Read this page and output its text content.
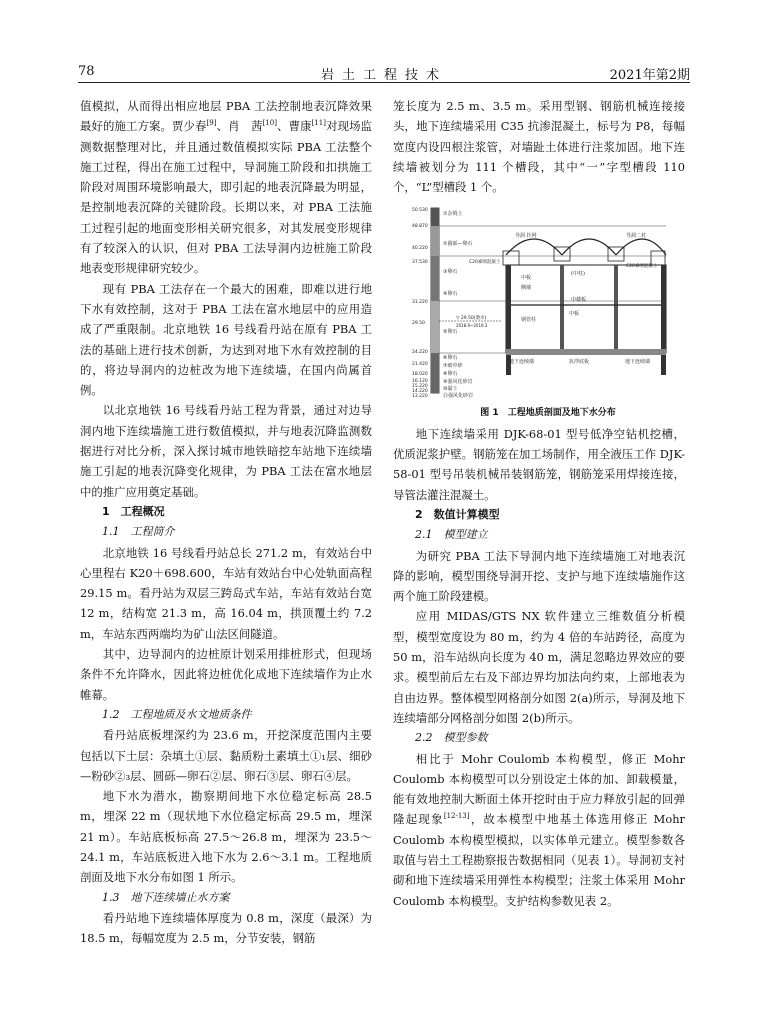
78	岩土工程技术	2021年第2期

值模拟，从而得出相应地层 PBA 工法控制地表沉降效果最好的施工方案。贾少春[9]、肖　茜[10]、曹康[11]对现场监测数据整理对比，并且通过数值模拟实际 PBA 工法整个施工过程，得出在施工过程中，导洞施工阶段和扣拱施工阶段对周围环境影响最大，即引起的地表沉降最为明显，是控制地表沉降的关键阶段。长期以来，对 PBA 工法施工过程引起的地面变形相关研究很多，对其发展变形规律有了较深入的认识，但对 PBA 工法导洞内边桩施工阶段地表变形规律研究较少。

现有 PBA 工法存在一个最大的困难，即难以进行地下水有效控制，这对于 PBA 工法在富水地层中的应用造成了严重限制。北京地铁 16 号线看丹站在原有 PBA 工法的基础上进行技术创新，为达到对地下水有效控制的目的，将边导洞内的边桩改为地下连续墙，在国内尚属首例。

以北京地铁 16 号线看丹站工程为背景，通过对边导洞内地下连续墙施工进行数值模拟，并与地表沉降监测数据进行对比分析，深入探讨城市地铁暗挖车站地下连续墙施工引起的地表沉降变化规律，为 PBA 工法在富水地层中的推广应用奠定基础。

1　工程概况

1.1　工程简介

北京地铁 16 号线看丹站总长 271.2 m，有效站台中心里程右 K20＋698.600，车站有效站台中心处轨面高程 29.15 m。看丹站为双层三跨岛式车站，车站有效站台宽 12 m，结构宽 21.3 m，高 16.04 m，拱顶覆土约 7.2 m，车站东西两端均为矿山法区间隧道。

其中，边导洞内的边桩原计划采用排桩形式，但现场条件不允许降水，因此将边桩优化成地下连续墙作为止水帷幕。

1.2　工程地质及水文地质条件

看丹站底板埋深约为 23.6 m，开挖深度范围内主要包括以下土层：杂填土①层、黏质粉土素填土①₁层、细砂—粉砂②₃层、圆砾—卵石②层、卵石③层、卵石④层。

地下水为潜水，勘察期间地下水位稳定标高 28.5 m，埋深 22 m（现状地下水位稳定标高 29.5 m，埋深 21 m）。车站底板标高 27.5～26.8 m，埋深为 23.5～24.1 m，车站底板进入地下水为 2.6～3.1 m。工程地质剖面及地下水分布如图 1 所示。

1.3　地下连续墙止水方案

看丹站地下连续墙体厚度为 0.8 m，深度（最深）为 18.5 m，每幅宽度为 2.5 m，分节安装，钢筋

笼长度为 2.5 m、3.5 m。采用型钢、钢筋机械连接接头，地下连续墙采用 C35 抗渗混凝土，标号为 P8，每幅宽度内设四根注浆管，对墙趾土体进行注浆加固。地下连续墙被划分为 111 个槽段，其中“一”字型槽段 110 个，“L”型槽段 1 个。

50.530
48.870
40.220
37.530
31.220
29.50
24.220
21.420
18.020
16.120
15.220
14.220
13.220
①杂填土
②圆砾—卵石
③卵石
④卵石
⑤卵石
⑥卵石
⑦细中砂
⑧卵石
⑨强风化砂岩
⑩黏土
⑪强风化砂岩
▽ 29.50(潜水)
2018.9~2019.3
导洞 挂网	导洞二衬
C20素喷混凝土
C20素喷混凝土
中板
侧墙
(中柱)
中楼板
钢管柱
中板
地下连续墙	抗浮底板	地下连续墙

图 1　工程地质剖面及地下水分布

地下连续墙采用 DJK-68-01 型号低净空钻机挖槽，优质泥浆护壁。钢筋笼在加工场制作，用全液压工作 DJK-58-01 型号吊装机械吊装钢筋笼，钢筋笼采用焊接连接，导管法灌注混凝土。

2　数值计算模型

2.1　模型建立

为研究 PBA 工法下导洞内地下连续墙施工对地表沉降的影响，模型围绕导洞开挖、支护与地下连续墙施作这两个施工阶段建模。

应用 MIDAS/GTS NX 软件建立三维数值分析模型，模型宽度设为 80 m，约为 4 倍的车站跨径，高度为 50 m，沿车站纵向长度为 40 m，满足忽略边界效应的要求。模型前后左右及下部边界均加法向约束，上部地表为自由边界。整体模型网格剖分如图 2(a)所示，导洞及地下连续墙部分网格剖分如图 2(b)所示。

2.2　模型参数

相比于 Mohr Coulomb 本构模型，修正 Mohr Coulomb 本构模型可以分别设定土体的加、卸载模量，能有效地控制大断面土体开挖时由于应力释放引起的回弹隆起现象[12-13]，故本模型中地基土体选用修正 Mohr Coulomb 本构模型模拟，以实体单元建立。模型参数各取值与岩土工程勘察报告数据相同（见表 1）。导洞初支衬砌和地下连续墙采用弹性本构模型；注浆土体采用 Mohr Coulomb 本构模型。支护结构参数见表 2。
